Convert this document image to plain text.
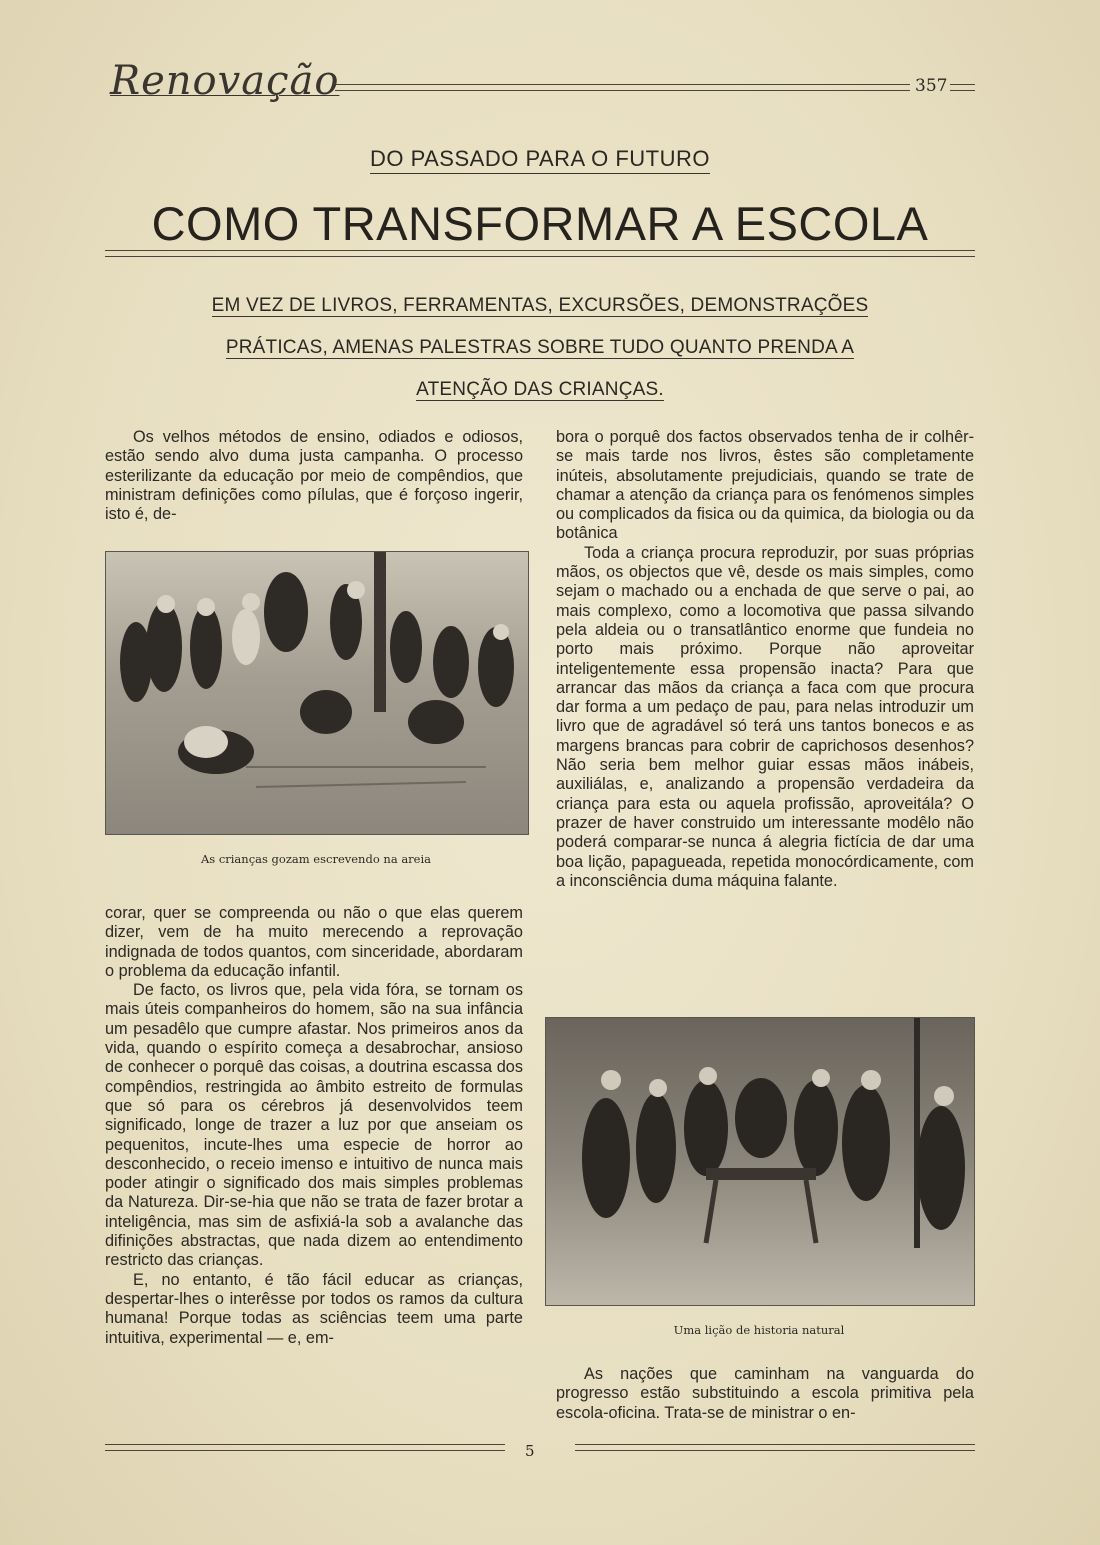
Renovação	357
DO PASSADO PARA O FUTURO
COMO TRANSFORMAR A ESCOLA
EM VEZ DE LIVROS, FERRAMENTAS, EXCURSÕES, DEMONSTRAÇÕES
PRÁTICAS, AMENAS PALESTRAS SOBRE TUDO QUANTO PRENDA A
ATENÇÃO DAS CRIANÇAS.

Os velhos métodos de ensino, odiados e odiosos, estão sendo alvo duma justa campanha. O processo esterilizante da educação por meio de compêndios, que ministram definições como pílulas, que é forçoso ingerir, isto é, de-

As crianças gozam escrevendo na areia

corar, quer se compreenda ou não o que elas querem dizer, vem de ha muito merecendo a reprovação indignada de todos quantos, com sinceridade, abordaram o problema da educação infantil.

De facto, os livros que, pela vida fóra, se tornam os mais úteis companheiros do homem, são na sua infância um pesadêlo que cumpre afastar. Nos primeiros anos da vida, quando o espírito começa a desabrochar, ansioso de conhecer o porquê das coisas, a doutrina escassa dos compêndios, restringida ao âmbito estreito de formulas que só para os cérebros já desenvolvidos teem significado, longe de trazer a luz por que anseiam os pequenitos, incute-lhes uma especie de horror ao desconhecido, o receio imenso e intuitivo de nunca mais poder atingir o significado dos mais simples problemas da Natureza. Dir-se-hia que não se trata de fazer brotar a inteligência, mas sim de asfixiá-la sob a avalanche das difinições abstractas, que nada dizem ao entendimento restricto das crianças.

E, no entanto, é tão fácil educar as crianças, despertar-lhes o interêsse por todos os ramos da cultura humana! Porque todas as sciências teem uma parte intuitiva, experimental — e, em-

bora o porquê dos factos observados tenha de ir colhêr-se mais tarde nos livros, êstes são completamente inúteis, absolutamente prejudiciais, quando se trate de chamar a atenção da criança para os fenómenos simples ou complicados da fisica ou da quimica, da biologia ou da botânica

Toda a criança procura reproduzir, por suas próprias mãos, os objectos que vê, desde os mais simples, como sejam o machado ou a enchada de que serve o pai, ao mais complexo, como a locomotiva que passa silvando pela aldeia ou o transatlântico enorme que fundeia no porto mais próximo. Porque não aproveitar inteligentemente essa propensão inacta? Para que arrancar das mãos da criança a faca com que procura dar forma a um pedaço de pau, para nelas introduzir um livro que de agradável só terá uns tantos bonecos e as margens brancas para cobrir de caprichosos desenhos? Não seria bem melhor guiar essas mãos inábeis, auxiliálas, e, analizando a propensão verdadeira da criança para esta ou aquela profissão, aproveitála? O prazer de haver construido um interessante modêlo não poderá comparar-se nunca á alegria fictícia de dar uma boa lição, papagueada, repetida monocórdicamente, com a inconsciência duma máquina falante.

Uma lição de historia natural

As nações que caminham na vanguarda do progresso estão substituindo a escola primitiva pela escola-oficina. Trata-se de ministrar o en-

5
